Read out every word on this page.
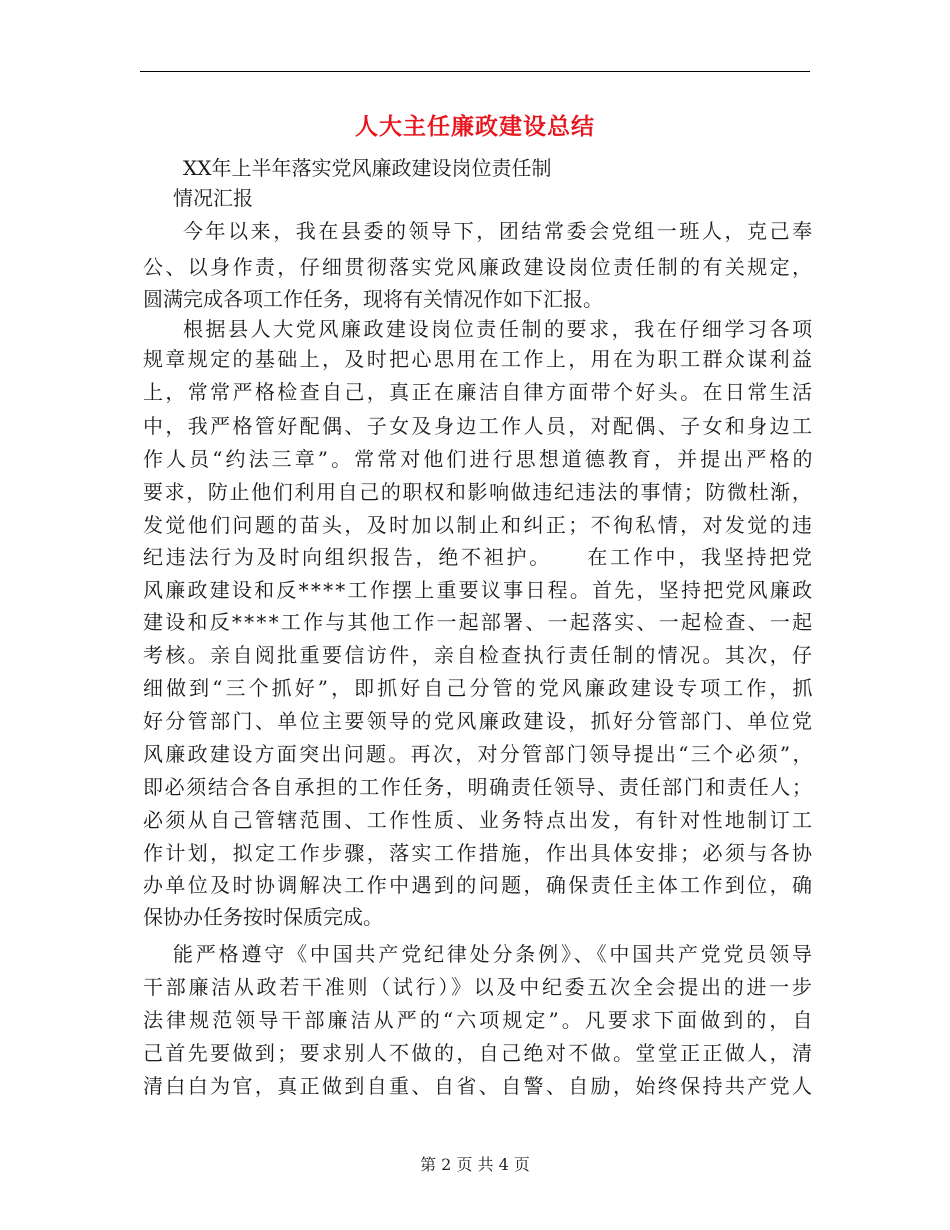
人大主任廉政建设总结
XX年上半年落实党风廉政建设岗位责任制
情况汇报
今年以来，我在县委的领导下，团结常委会党组一班人，克己奉
公、以身作责，仔细贯彻落实党风廉政建设岗位责任制的有关规定，
圆满完成各项工作任务，现将有关情况作如下汇报。
根据县人大党风廉政建设岗位责任制的要求，我在仔细学习各项
规章规定的基础上，及时把心思用在工作上，用在为职工群众谋利益
上，常常严格检查自己，真正在廉洁自律方面带个好头。在日常生活
中，我严格管好配偶、子女及身边工作人员，对配偶、子女和身边工
作人员“约法三章”。常常对他们进行思想道德教育，并提出严格的
要求，防止他们利用自己的职权和影响做违纪违法的事情；防微杜渐，
发觉他们问题的苗头，及时加以制止和纠正；不徇私情，对发觉的违
纪违法行为及时向组织报告，绝不袒护。　　在工作中，我坚持把党
风廉政建设和反****工作摆上重要议事日程。首先，坚持把党风廉政
建设和反****工作与其他工作一起部署、一起落实、一起检查、一起
考核。亲自阅批重要信访件，亲自检查执行责任制的情况。其次，仔
细做到“三个抓好”，即抓好自己分管的党风廉政建设专项工作，抓
好分管部门、单位主要领导的党风廉政建设，抓好分管部门、单位党
风廉政建设方面突出问题。再次，对分管部门领导提出“三个必须”，
即必须结合各自承担的工作任务，明确责任领导、责任部门和责任人；
必须从自己管辖范围、工作性质、业务特点出发，有针对性地制订工
作计划，拟定工作步骤，落实工作措施，作出具体安排；必须与各协
办单位及时协调解决工作中遇到的问题，确保责任主体工作到位，确
保协办任务按时保质完成。
能严格遵守《中国共产党纪律处分条例》、《中国共产党党员领导
干部廉洁从政若干准则（试行）》以及中纪委五次全会提出的进一步
法律规范领导干部廉洁从严的“六项规定”。凡要求下面做到的，自
己首先要做到；要求别人不做的，自己绝对不做。堂堂正正做人，清
清白白为官，真正做到自重、自省、自警、自励，始终保持共产党人
第 2 页 共 4 页
